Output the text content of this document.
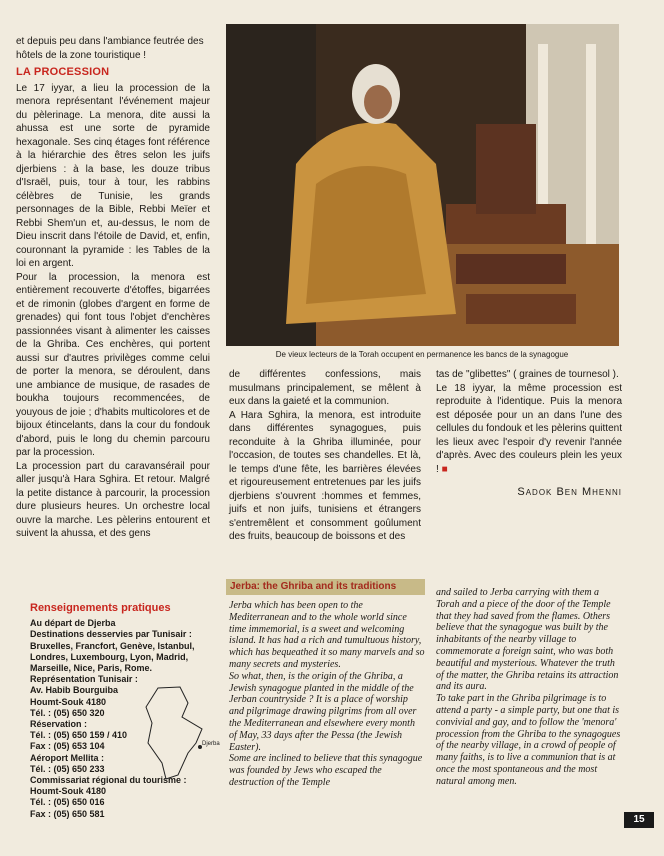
et depuis peu dans l'ambiance feutrée des hôtels de la zone touristique !
LA PROCESSION

Le 17 iyyar, a lieu la procession de la menora représentant l'événement majeur du pèlerinage. La menora, dite aussi la ahussa est une sorte de pyramide hexagonale. Ses cinq étages font référence à la hiérarchie des êtres selon les juifs djerbiens : à la base, les douze tribus d'Israël, puis, tour à tour, les rabbins célèbres de Tunisie, les grands personnages de la Bible, Rebbi Meïer et Rebbi Shem'un et, au-dessus, le nom de Dieu inscrit dans l'étoile de David, et, enfin, couronnant la pyramide : les Tables de la loi en argent.

Pour la procession, la menora est entièrement recouverte d'étoffes, bigarrées et de rimonin (globes d'argent en forme de grenades) qui font tous l'objet d'enchères passionnées visant à alimenter les caisses de la Ghriba. Ces enchères, qui portent aussi sur d'autres privilèges comme celui de porter la menora, se déroulent, dans une ambiance de musique, de rasades de boukha toujours recommencées, de youyous de joie ; d'habits multicolores et de bijoux étincelants, dans la cour du fondouk d'abord, puis le long du chemin parcouru par la procession.

La procession part du caravansérail pour aller jusqu'à Hara Sghira. Et retour. Malgré la petite distance à parcourir, la procession dure plusieurs heures. Un orchestre local ouvre la marche. Les pèlerins entourent et suivent la ahussa, et des gens

De vieux lecteurs de la Torah occupent en permanence les bancs de la synagogue

de différentes confessions, mais musulmans principalement, se mêlent à eux dans la gaieté et la communion.

A Hara Sghira, la menora, est introduite dans différentes synagogues, puis reconduite à la Ghriba illuminée, pour l'occasion, de toutes ses chandelles. Et là, le temps d'une fête, les barrières élevées et rigoureusement entretenues par les juifs djerbiens s'ouvrent :hommes et femmes, juifs et non juifs, tunisiens et étrangers s'entremêlent et consomment goûlument des fruits, beaucoup de boissons et des

tas de "glibettes" ( graines de tournesol ).

Le 18 iyyar, la même procession est reproduite à l'identique. Puis la menora est déposée pour un an dans l'une des cellules du fondouk et les pèlerins quittent les lieux avec l'espoir d'y revenir l'année d'après. Avec des couleurs plein les yeux ! ■

Sadok Ben Mhenni
Jerba: the Ghriba and its traditions

Jerba which has been open to the Mediterranean and to the whole world since time immemorial, is a sweet and welcoming island. It has had a rich and tumultuous history, which has bequeathed it so many marvels and so many secrets and mysteries.

So what, then, is the origin of the Ghriba, a Jewish synagogue planted in the middle of the Jerban countryside ? It is a place of worship and pilgrimage drawing pilgrims from all over the Mediterranean and elsewhere every month of May, 33 days after the Pessa (the Jewish Easter).

Some are inclined to believe that this synagogue was founded by Jews who escaped the destruction of the Temple

and sailed to Jerba carrying with them a Torah and a piece of the door of the Temple that they had saved from the flames. Others believe that the synagogue was built by the inhabitants of the nearby village to commemorate a foreign saint, who was both beautiful and mysterious. Whatever the truth of the matter, the Ghriba retains its attraction and its aura.

To take part in the Ghriba pilgrimage is to attend a party - a simple party, but one that is convivial and gay, and to follow the 'menora' procession from the Ghriba to the synagogues of the nearby village, in a crowd of people of many faiths, is to live a communion that is at once the most spontaneous and the most natural among men.

Renseignements pratiques
Au départ de Djerba
Destinations desservies par Tunisair :
Bruxelles, Francfort, Genève, Istanbul,
Londres, Luxembourg, Lyon, Madrid,
Marseille, Nice, Paris, Rome.
Représentation Tunisair :
Av. Habib Bourguiba
Houmt-Souk 4180
Tél. : (05) 650 320
Réservation :
Tél. : (05) 650 159 / 410
Fax : (05) 653 104
Aéroport Mellita :
Tél. : (05) 650 233
Commissariat régional du tourisme :
Houmt-Souk 4180
Tél. : (05) 650 016
Fax : (05) 650 581
Djerba
15
